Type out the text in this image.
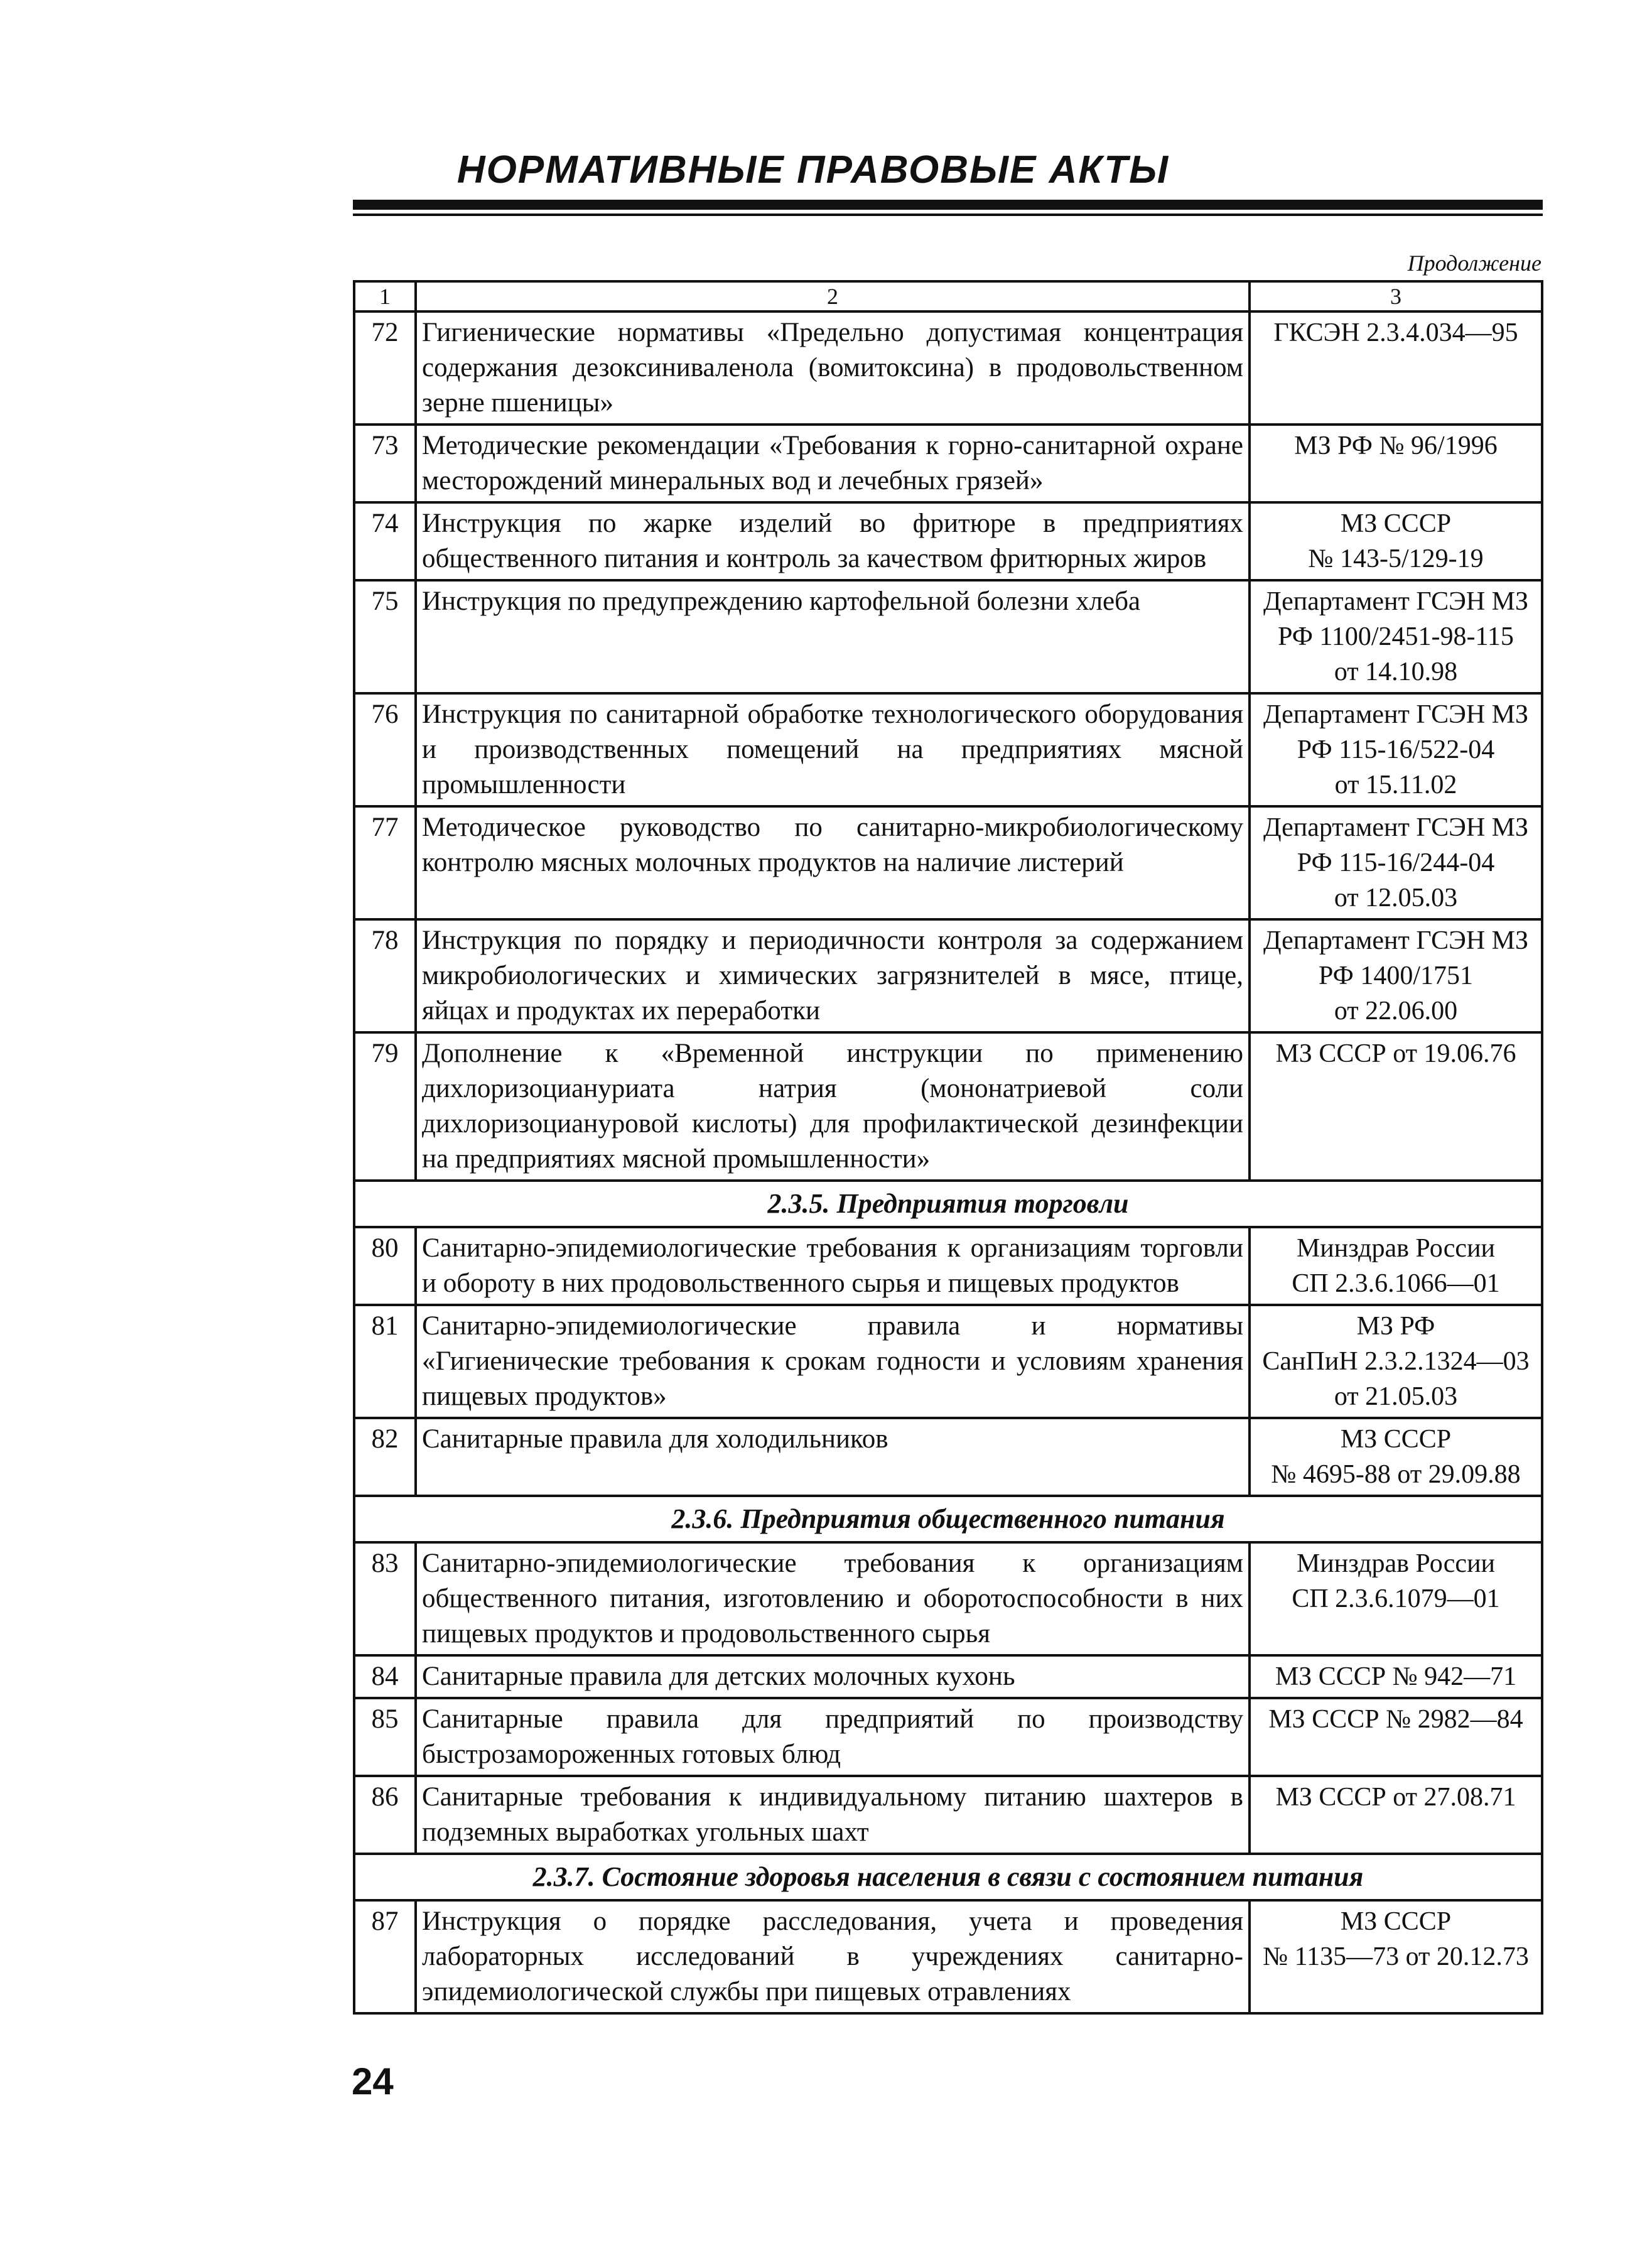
НОРМАТИВНЫЕ ПРАВОВЫЕ АКТЫ
Продолжение
1	2	3
72	Гигиенические нормативы «Предельно допустимая концентрация содержания дезоксиниваленола (вомитоксина) в продовольственном зерне пшеницы»	ГКСЭН 2.3.4.034—95

73	Методические рекомендации «Требования к горно-санитарной охране месторождений минеральных вод и лечебных грязей»	МЗ РФ № 96/1996

74	Инструкция по жарке изделий во фритюре в предприятиях общественного питания и контроль за качеством фритюрных жиров	МЗ СССР
№ 143-5/129-19

75	Инструкция по предупреждению картофельной болезни хлеба	Департамент ГСЭН МЗ
РФ 1100/2451-98-115
от 14.10.98

76	Инструкция по санитарной обработке технологического оборудования и производственных помещений на предприятиях мясной промышленности	Департамент ГСЭН МЗ
РФ 115-16/522-04
от 15.11.02

77	Методическое руководство по санитарно-микробиологическому контролю мясных молочных продуктов на наличие листерий	Департамент ГСЭН МЗ
РФ 115-16/244-04
от 12.05.03

78	Инструкция по порядку и периодичности контроля за содержанием микробиологических и химических загрязнителей в мясе, птице, яйцах и продуктах их переработки	Департамент ГСЭН МЗ
РФ 1400/1751
от 22.06.00

79	Дополнение к «Временной инструкции по применению дихлоризоциануриата натрия (мононатриевой соли дихлоризоциануровой кислоты) для профилактической дезинфекции на предприятиях мясной промышленности»	МЗ СССР от 19.06.76

2.3.5. Предприятия торговли		
80	Санитарно-эпидемиологические требования к организациям торговли и обороту в них продовольственного сырья и пищевых продуктов	Минздрав России
СП 2.3.6.1066—01

81	Санитарно-эпидемиологические правила и нормативы «Гигиенические требования к срокам годности и условиям хранения пищевых продуктов»	МЗ РФ
СанПиН 2.3.2.1324—03
от 21.05.03

82	Санитарные правила для холодильников	МЗ СССР
№ 4695-88 от 29.09.88

2.3.6. Предприятия общественного питания		
83	Санитарно-эпидемиологические требования к организациям общественного питания, изготовлению и оборотоспособности в них пищевых продуктов и продовольственного сырья	Минздрав России
СП 2.3.6.1079—01

84	Санитарные правила для детских молочных кухонь	МЗ СССР № 942—71

85	Санитарные правила для предприятий по производству быстрозамороженных готовых блюд	МЗ СССР № 2982—84

86	Санитарные требования к индивидуальному питанию шахтеров в подземных выработках угольных шахт	МЗ СССР от 27.08.71

2.3.7. Состояние здоровья населения в связи с состоянием питания		
87	Инструкция о порядке расследования, учета и проведения лабораторных исследований в учреждениях санитарно-эпидемиологической службы при пищевых отравлениях	МЗ СССР
№ 1135—73 от 20.12.73
24
